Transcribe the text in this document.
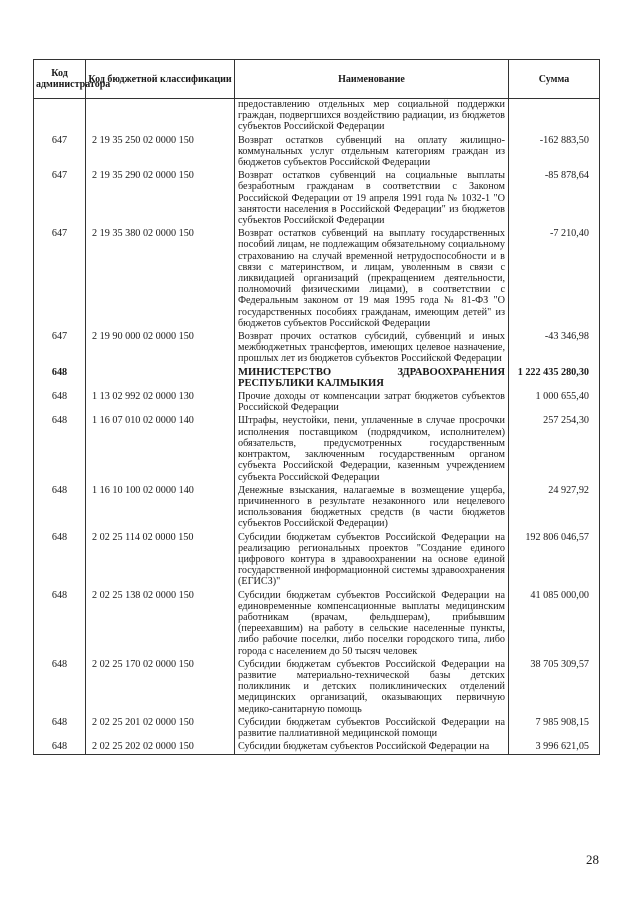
Код администратора	Код бюджетной классификации	Наименование	Сумма
		предоставлению отдельных мер социальной поддержки граждан, подвергшихся воздействию радиации, из бюджетов субъектов Российской Федерации	
647	2 19 35 250 02 0000 150	Возврат остатков субвенций на оплату жилищно-коммунальных услуг отдельным категориям граждан из бюджетов субъектов Российской Федерации	-162 883,50
647	2 19 35 290 02 0000 150	Возврат остатков субвенций на социальные выплаты безработным гражданам в соответствии с Законом Российской Федерации от 19 апреля 1991 года № 1032-1 "О занятости населения в Российской Федерации" из бюджетов субъектов Российской Федерации	-85 878,64
647	2 19 35 380 02 0000 150	Возврат остатков субвенций на выплату государственных пособий лицам, не подлежащим обязательному социальному страхованию на случай временной нетрудоспособности и в связи с материнством, и лицам, уволенным в связи с ликвидацией организаций (прекращением деятельности, полномочий физическими лицами), в соответствии с Федеральным законом от 19 мая 1995 года № 81-ФЗ "О государственных пособиях гражданам, имеющим детей" из бюджетов субъектов Российской Федерации	-7 210,40
647	2 19 90 000 02 0000 150	Возврат прочих остатков субсидий, субвенций и иных межбюджетных трансфертов, имеющих целевое назначение, прошлых лет из бюджетов субъектов Российской Федерации	-43 346,98
648		МИНИСТЕРСТВО ЗДРАВООХРАНЕНИЯ РЕСПУБЛИКИ КАЛМЫКИЯ	1 222 435 280,30
648	1 13 02 992 02 0000 130	Прочие доходы от компенсации затрат бюджетов субъектов Российской Федерации	1 000 655,40
648	1 16 07 010 02 0000 140	Штрафы, неустойки, пени, уплаченные в случае просрочки исполнения поставщиком (подрядчиком, исполнителем) обязательств, предусмотренных государственным контрактом, заключенным государственным органом субъекта Российской Федерации, казенным учреждением субъекта Российской Федерации	257 254,30
648	1 16 10 100 02 0000 140	Денежные взыскания, налагаемые в возмещение ущерба, причиненного в результате незаконного или нецелевого использования бюджетных средств (в части бюджетов субъектов Российской Федерации)	24 927,92
648	2 02 25 114 02 0000 150	Субсидии бюджетам субъектов Российской Федерации на реализацию региональных проектов "Создание единого цифрового контура в здравоохранении на основе единой государственной информационной системы здравоохранения (ЕГИСЗ)"	192 806 046,57
648	2 02 25 138 02 0000 150	Субсидии бюджетам субъектов Российской Федерации на единовременные компенсационные выплаты медицинским работникам (врачам, фельдшерам), прибывшим (переехавшим) на работу в сельские населенные пункты, либо рабочие поселки, либо поселки городского типа, либо города с населением до 50 тысяч человек	41 085 000,00
648	2 02 25 170 02 0000 150	Субсидии бюджетам субъектов Российской Федерации на развитие материально-технической базы детских поликлиник и детских поликлинических отделений медицинских организаций, оказывающих первичную медико-санитарную помощь	38 705 309,57
648	2 02 25 201 02 0000 150	Субсидии бюджетам субъектов Российской Федерации на развитие паллиативной медицинской помощи	7 985 908,15
648	2 02 25 202 02 0000 150	Субсидии бюджетам субъектов Российской Федерации на	3 996 621,05
28
